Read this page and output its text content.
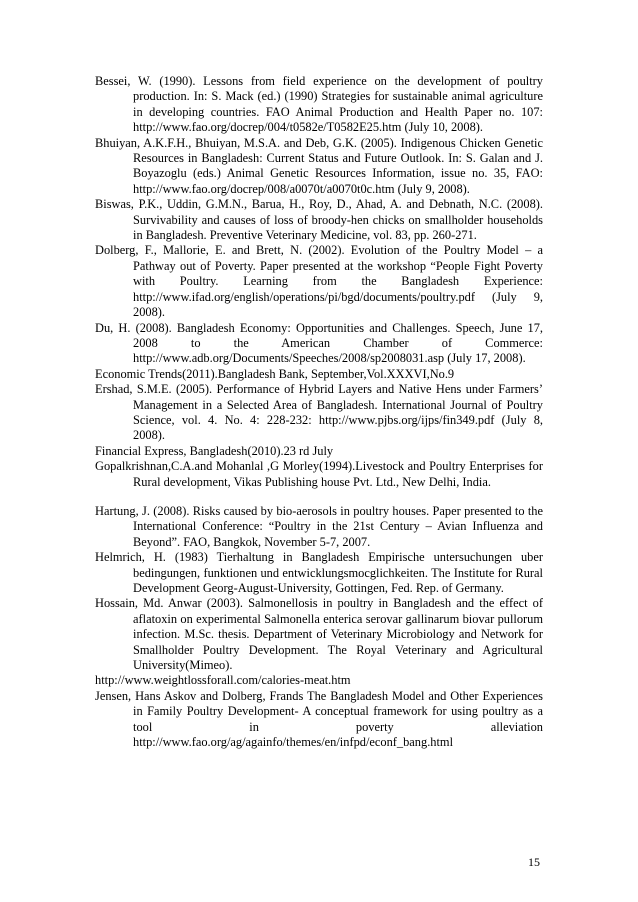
Bessei, W. (1990). Lessons from field experience on the development of poultry production. In: S. Mack (ed.) (1990) Strategies for sustainable animal agriculture in developing countries. FAO Animal Production and Health Paper no. 107: http://www.fao.org/docrep/004/t0582e/T0582E25.htm (July 10, 2008).

Bhuiyan, A.K.F.H., Bhuiyan, M.S.A. and Deb, G.K. (2005). Indigenous Chicken Genetic Resources in Bangladesh: Current Status and Future Outlook. In: S. Galan and J. Boyazoglu (eds.) Animal Genetic Resources Information, issue no. 35, FAO: http://www.fao.org/docrep/008/a0070t/a0070t0c.htm (July 9, 2008).

Biswas, P.K., Uddin, G.M.N., Barua, H., Roy, D., Ahad, A. and Debnath, N.C. (2008). Survivability and causes of loss of broody-hen chicks on smallholder households in Bangladesh. Preventive Veterinary Medicine, vol. 83, pp. 260-271.

Dolberg, F., Mallorie, E. and Brett, N. (2002). Evolution of the Poultry Model – a Pathway out of Poverty. Paper presented at the workshop “People Fight Poverty with Poultry. Learning from the Bangladesh Experience: http://www.ifad.org/english/operations/pi/bgd/documents/poultry.pdf (July 9, 2008).

Du, H. (2008). Bangladesh Economy: Opportunities and Challenges. Speech, June 17, 2008 to the American Chamber of Commerce: http://www.adb.org/Documents/Speeches/2008/sp2008031.asp (July 17, 2008).

Economic Trends(2011).Bangladesh Bank, September,Vol.XXXVI,No.9

Ershad, S.M.E. (2005). Performance of Hybrid Layers and Native Hens under Farmers’ Management in a Selected Area of Bangladesh. International Journal of Poultry Science, vol. 4. No. 4: 228-232: http://www.pjbs.org/ijps/fin349.pdf (July 8, 2008).

Financial Express, Bangladesh(2010).23 rd July

Gopalkrishnan,C.A.and Mohanlal ,G Morley(1994).Livestock and Poultry Enterprises for Rural development, Vikas Publishing house Pvt. Ltd., New Delhi, India.

Hartung, J. (2008). Risks caused by bio-aerosols in poultry houses. Paper presented to the International Conference: “Poultry in the 21st Century – Avian Influenza and Beyond”. FAO, Bangkok, November 5-7, 2007.

Helmrich, H. (1983) Tierhaltung in Bangladesh Empirische untersuchungen uber bedingungen, funktionen und entwicklungsmocglichkeiten. The Institute for Rural Development Georg-August-University, Gottingen, Fed. Rep. of Germany.

Hossain, Md. Anwar (2003). Salmonellosis in poultry in Bangladesh and the effect of aflatoxin on experimental Salmonella enterica serovar gallinarum biovar pullorum infection. M.Sc. thesis. Department of Veterinary Microbiology and Network for Smallholder Poultry Development. The Royal Veterinary and Agricultural University(Mimeo).

http://www.weightlossforall.com/calories-meat.htm

Jensen, Hans Askov and Dolberg, Frands The Bangladesh Model and Other Experiences in Family Poultry Development- A conceptual framework for using poultry as a tool in poverty alleviation http://www.fao.org/ag/againfo/themes/en/infpd/econf_bang.html

15
